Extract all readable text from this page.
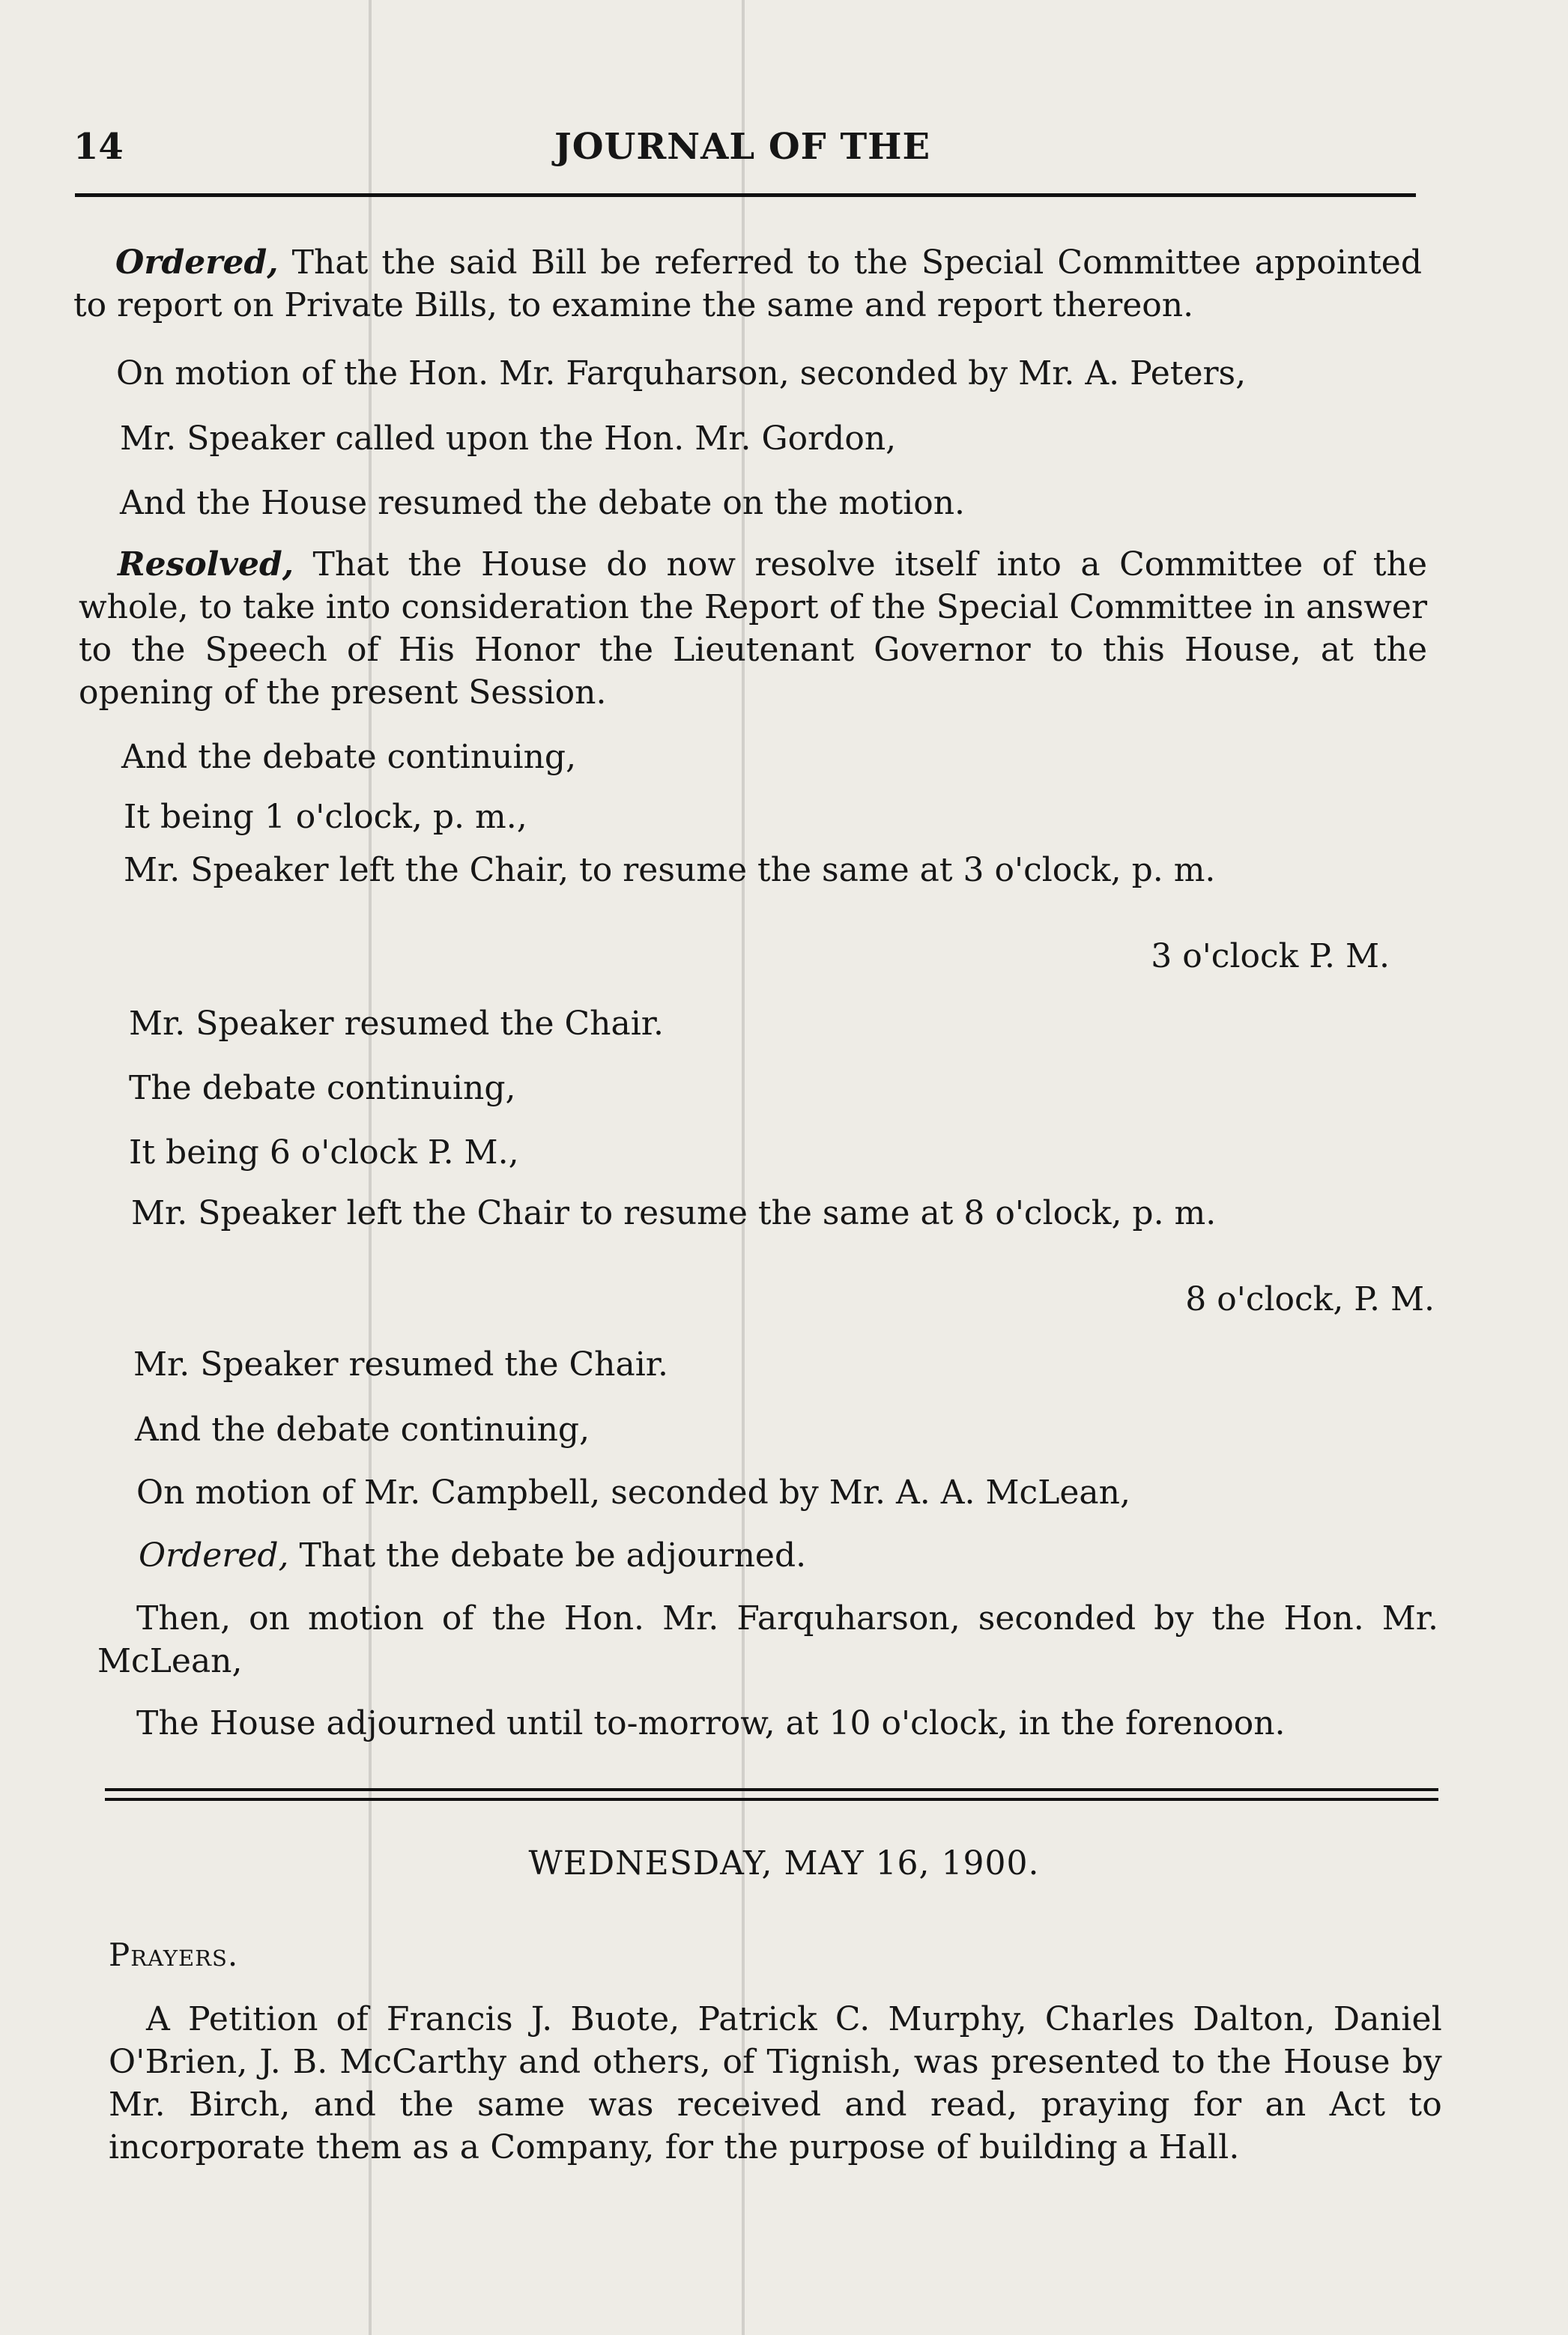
14	JOURNAL OF THE

Ordered, That the said Bill be referred to the Special Committee appointed to report on Private Bills, to examine the same and report thereon.

On motion of the Hon. Mr. Farquharson, seconded by Mr. A. Peters,

Mr. Speaker called upon the Hon. Mr. Gordon,

And the House resumed the debate on the motion.

Resolved, That the House do now resolve itself into a Committee of the whole, to take into consideration the Report of the Special Committee in answer to the Speech of His Honor the Lieutenant Governor to this House, at the opening of the present Session.

And the debate continuing,

It being 1 o'clock, p. m.,

Mr. Speaker left the Chair, to resume the same at 3 o'clock, p. m.

3 o'clock P. M.

Mr. Speaker resumed the Chair.

The debate continuing,

It being 6 o'clock P. M.,

Mr. Speaker left the Chair to resume the same at 8 o'clock, p. m.

8 o'clock, P. M.

Mr. Speaker resumed the Chair.

And the debate continuing,

On motion of Mr. Campbell, seconded by Mr. A. A. McLean,

Ordered, That the debate be adjourned.

Then, on motion of the Hon. Mr. Farquharson, seconded by the Hon. Mr. McLean,

The House adjourned until to-morrow, at 10 o'clock, in the forenoon.

WEDNESDAY, MAY 16, 1900.
Prayers.

A Petition of Francis J. Buote, Patrick C. Murphy, Charles Dalton, Daniel O'Brien, J. B. McCarthy and others, of Tignish, was presented to the House by Mr. Birch, and the same was received and read, praying for an Act to incorporate them as a Company, for the purpose of building a Hall.
